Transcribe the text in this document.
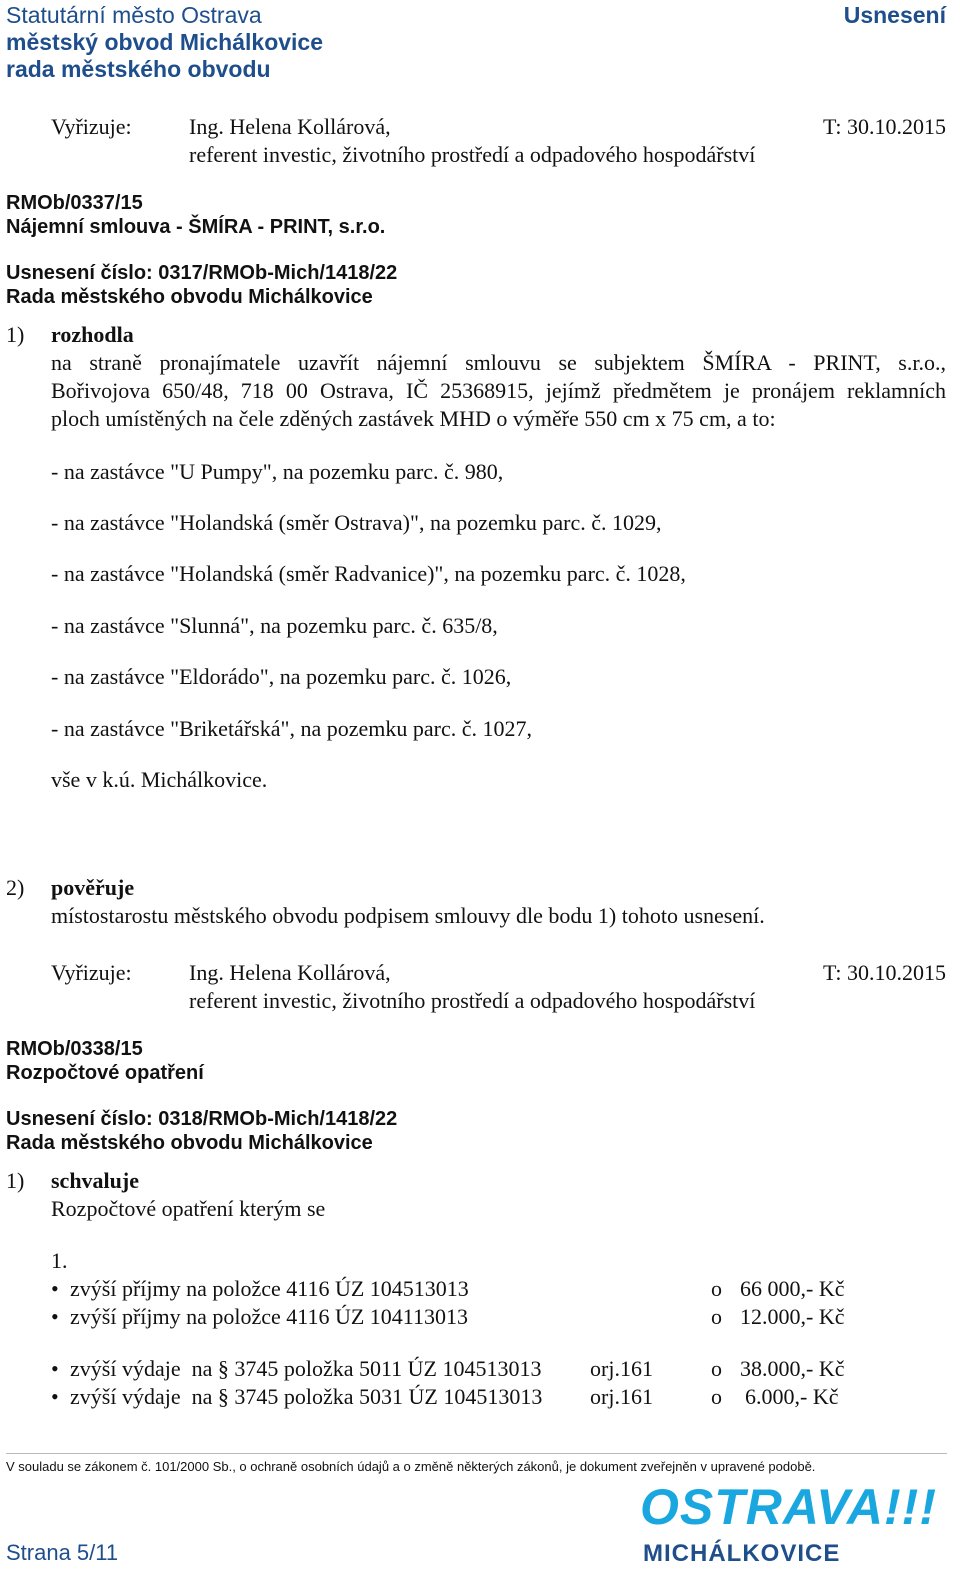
Statutární město Ostrava
městský obvod Michálkovice
rada městského obvodu
Usnesení
Vyřizuje:	Ing. Helena Kollárová,
referent investic, životního prostředí a odpadového hospodářství
T: 30.10.2015
RMOb/0337/15
Nájemní smlouva - ŠMÍRA - PRINT, s.r.o.
Usnesení číslo: 0317/RMOb-Mich/1418/22
Rada městského obvodu Michálkovice
1) rozhodla
na straně pronajímatele uzavřít nájemní smlouvu se subjektem ŠMÍRA - PRINT, s.r.o.,
Bořivojova 650/48, 718 00 Ostrava, IČ 25368915, jejímž předmětem je pronájem reklamních
ploch umístěných na čele zděných zastávek MHD o výměře 550 cm x 75 cm, a to:
- na zastávce "U Pumpy", na pozemku parc. č. 980,
- na zastávce "Holandská (směr Ostrava)", na pozemku parc. č. 1029,
- na zastávce "Holandská (směr Radvanice)", na pozemku parc. č. 1028,
- na zastávce "Slunná", na pozemku parc. č. 635/8,
- na zastávce "Eldorádo", na pozemku parc. č. 1026,
- na zastávce "Briketářská", na pozemku parc. č. 1027,
vše v k.ú. Michálkovice.
2) pověřuje
místostarostu městského obvodu podpisem smlouvy dle bodu 1) tohoto usnesení.
Vyřizuje:	Ing. Helena Kollárová,
referent investic, životního prostředí a odpadového hospodářství
T: 30.10.2015
RMOb/0338/15
Rozpočtové opatření
Usnesení číslo: 0318/RMOb-Mich/1418/22
Rada městského obvodu Michálkovice
1) schvaluje
Rozpočtové opatření kterým se
1.
• zvýší příjmy na položce 4116 ÚZ 104513013	o 66 000,- Kč
• zvýší příjmy na položce 4116 ÚZ 104113013	o 12.000,- Kč
• zvýší výdaje  na § 3745 položka 5011 ÚZ 104513013 orj.161	o 38.000,- Kč
• zvýší výdaje  na § 3745 položka 5031 ÚZ 104513013 orj.161	o 6.000,- Kč
V souladu se zákonem č. 101/2000 Sb., o ochraně osobních údajů a o změně některých zákonů, je dokument zveřejněn v upravené podobě.
Strana 5/11
OSTRAVA!!!
MICHÁLKOVICE
